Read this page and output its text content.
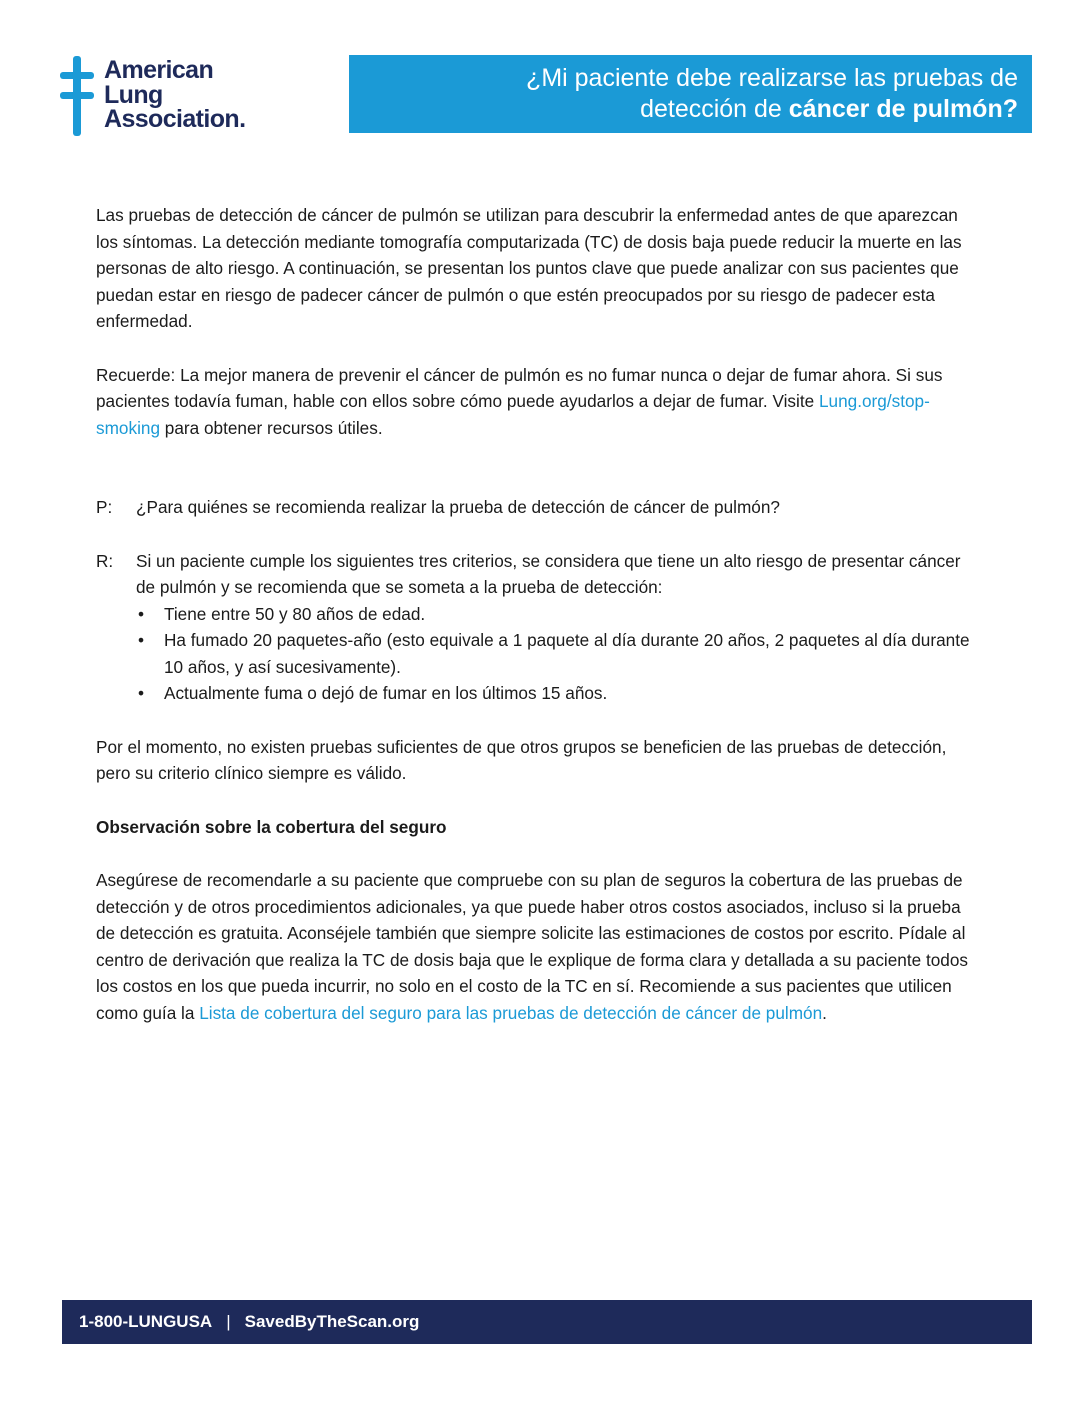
American
Lung
Association.
¿Mi paciente debe realizarse las pruebas de
detección de cáncer de pulmón?

Las pruebas de detección de cáncer de pulmón se utilizan para descubrir la enfermedad antes de que aparezcan los síntomas. La detección mediante tomografía computarizada (TC) de dosis baja puede reducir la muerte en las personas de alto riesgo. A continuación, se presentan los puntos clave que puede analizar con sus pacientes que puedan estar en riesgo de padecer cáncer de pulmón o que estén preocupados por su riesgo de padecer esta enfermedad.

Recuerde: La mejor manera de prevenir el cáncer de pulmón es no fumar nunca o dejar de fumar ahora. Si sus pacientes todavía fuman, hable con ellos sobre cómo puede ayudarlos a dejar de fumar. Visite Lung.org/stop-smoking para obtener recursos útiles.

P:	¿Para quiénes se recomienda realizar la prueba de detección de cáncer de pulmón?
R:	Si un paciente cumple los siguientes tres criterios, se considera que tiene un alto riesgo de presentar cáncer de pulmón y se recomienda que se someta a la prueba de detección:
• Tiene entre 50 y 80 años de edad.
• Ha fumado 20 paquetes-año (esto equivale a 1 paquete al día durante 20 años, 2 paquetes al día durante 10 años, y así sucesivamente).
• Actualmente fuma o dejó de fumar en los últimos 15 años.

Por el momento, no existen pruebas suficientes de que otros grupos se beneficien de las pruebas de detección, pero su criterio clínico siempre es válido.

Observación sobre la cobertura del seguro

Asegúrese de recomendarle a su paciente que compruebe con su plan de seguros la cobertura de las pruebas de detección y de otros procedimientos adicionales, ya que puede haber otros costos asociados, incluso si la prueba de detección es gratuita. Aconséjele también que siempre solicite las estimaciones de costos por escrito. Pídale al centro de derivación que realiza la TC de dosis baja que le explique de forma clara y detallada a su paciente todos los costos en los que pueda incurrir, no solo en el costo de la TC en sí. Recomiende a sus pacientes que utilicen como guía la Lista de cobertura del seguro para las pruebas de detección de cáncer de pulmón.

1-800-LUNGUSA | SavedByTheScan.org
